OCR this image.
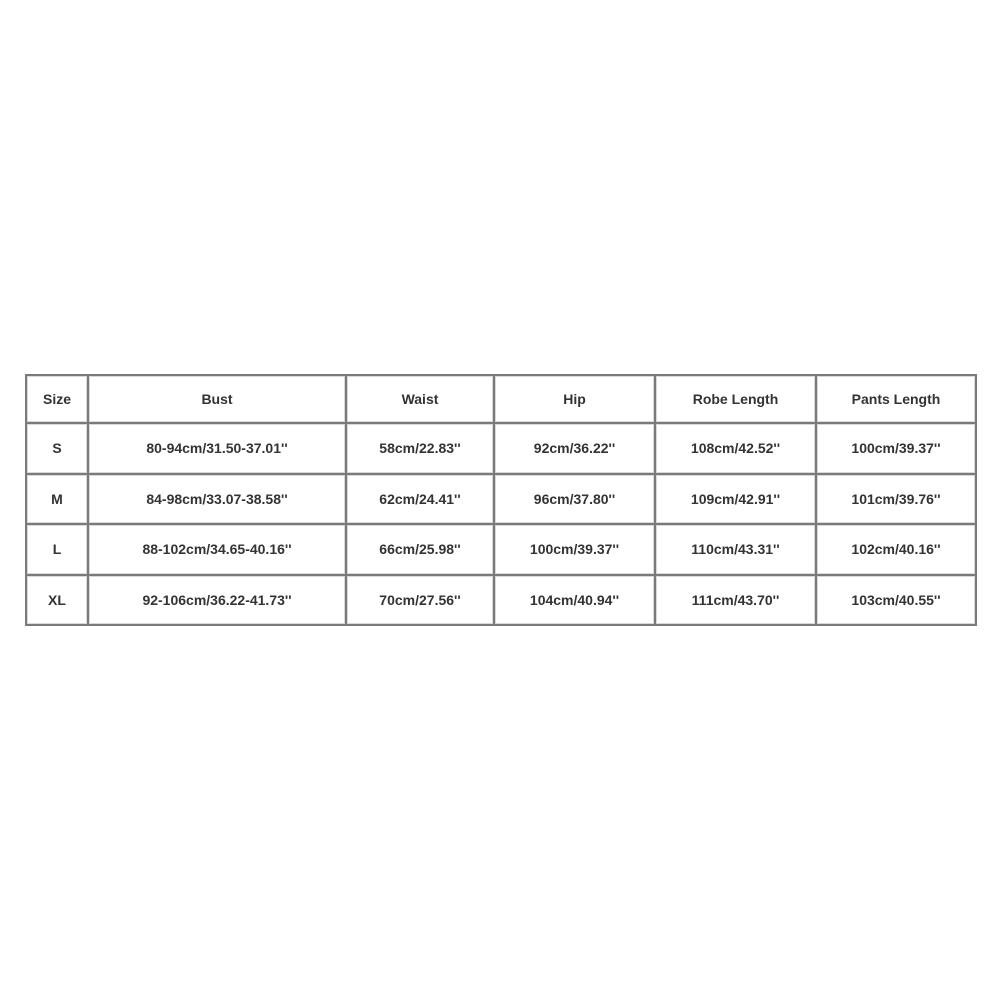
Size	Bust	Waist	Hip	Robe Length	Pants Length
S	80-94cm/31.50-37.01''	58cm/22.83''	92cm/36.22''	108cm/42.52''	100cm/39.37''
M	84-98cm/33.07-38.58''	62cm/24.41''	96cm/37.80''	109cm/42.91''	101cm/39.76''
L	88-102cm/34.65-40.16''	66cm/25.98''	100cm/39.37''	110cm/43.31''	102cm/40.16''
XL	92-106cm/36.22-41.73''	70cm/27.56''	104cm/40.94''	111cm/43.70''	103cm/40.55''
